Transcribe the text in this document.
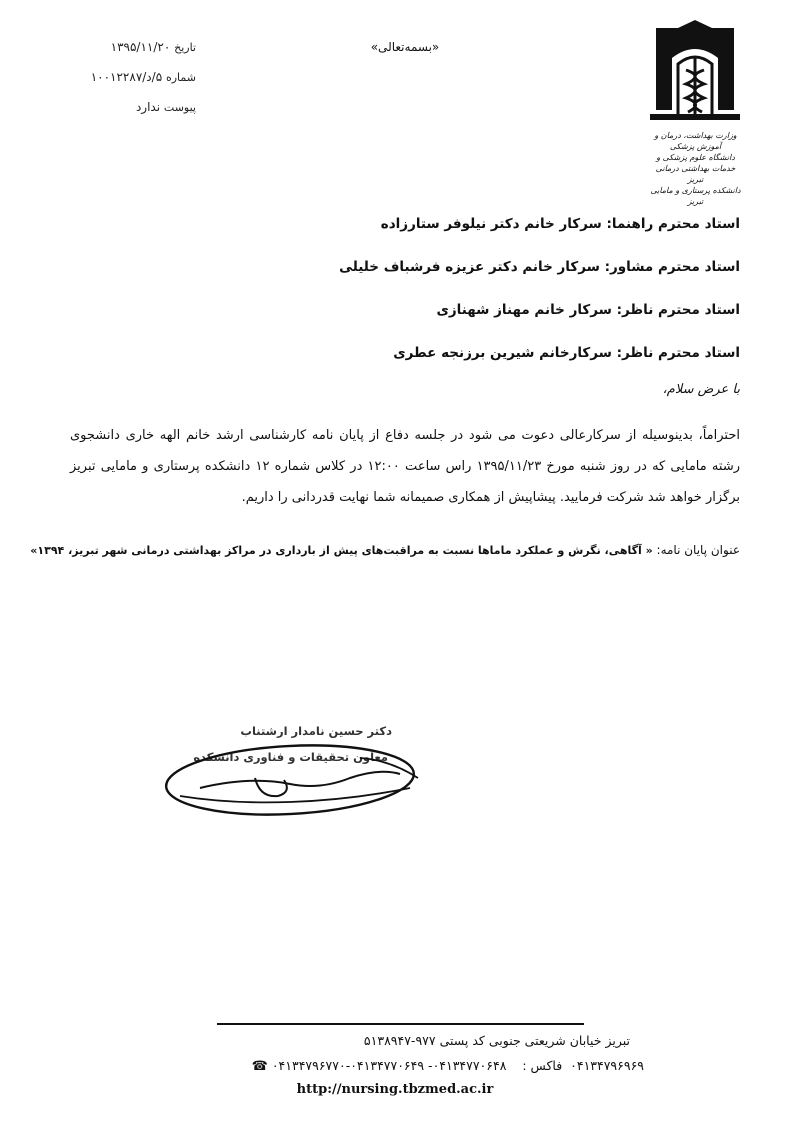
تاریخ ۱۳۹۵/۱۱/۲۰
شماره ۵/د/۱۰۰۱۲۲۸۷
پیوست ندارد
«بسمه‌تعالی»
وزارت بهداشت، درمان و آموزش پزشکی
دانشگاه علوم پزشکی و خدمات بهداشتی درمانی تبریز
دانشکده پرستاری و مامایی تبریز
استاد محترم راهنما: سرکار خانم دکتر نیلوفر ستارزاده
استاد محترم مشاور: سرکار خانم دکتر عزیزه فرشباف خلیلی
استاد محترم ناظر: سرکار خانم مهناز شهنازی
استاد محترم ناظر: سرکارخانم شیرین برزنجه عطری
با عرض سلام،

احتراماً، بدینوسیله از سرکارعالی دعوت می شود در جلسه دفاع از پایان نامه کارشناسی ارشد خانم الهه خاری دانشجوی رشته مامایی که در روز شنبه مورخ ۱۳۹۵/۱۱/۲۳ راس ساعت ۱۲:۰۰ در کلاس شماره ۱۲ دانشکده پرستاری و مامایی تبریز برگزار خواهد شد شرکت فرمایید. پیشاپیش از همکاری صمیمانه شما نهایت قدردانی را داریم.

عنوان پایان نامه: « آگاهی، نگرش و عملکرد ماماها نسبت به مراقبت‌های پیش از بارداری در مراکز بهداشتی درمانی شهر تبریز، ۱۳۹۴»
دکتر حسین نامدار ارشتناب
معاون تحقیقات و فناوری دانشکده
تبریز خیابان شریعتی جنوبی کد پستی ۹۷۷-۵۱۳۸۹۴۷
۰۴۱۳۴۷۹۶۹۶۹  فاکس :    ۰۴۱۳۴۷۷۰۶۴۸- ۰۴۱۳۴۷۷۰۶۴۹-۰۴۱۳۴۷۹۶۷۷۰ ☎
http://nursing.tbzmed.ac.ir
